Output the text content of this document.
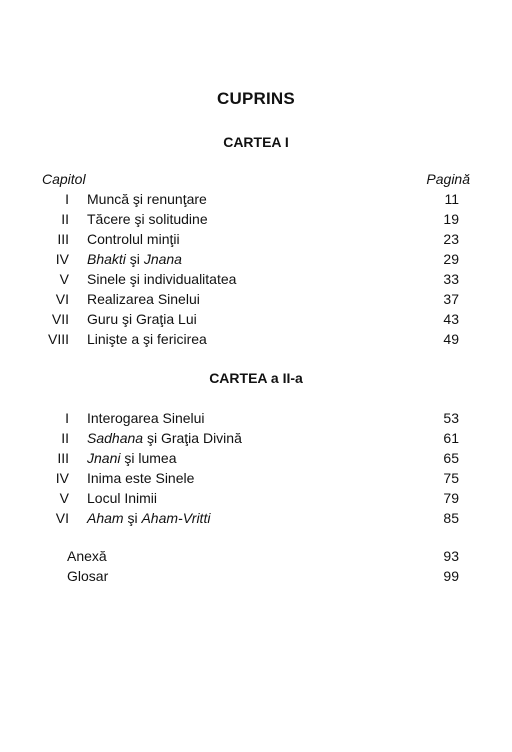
CUPRINS
CARTEA I
Capitol	Pagină
I Muncă şi renunţare	11
II Tăcere şi solitudine	19
III Controlul minţii	23
IV Bhakti şi Jnana	29
V Sinele şi individualitatea	33
VI Realizarea Sinelui	37
VII Guru şi Graţia Lui	43
VIII Linişte a şi fericirea	49
CARTEA a II-a
I Interogarea Sinelui	53
II Sadhana şi Graţia Divină	61
III Jnani şi lumea	65
IV Inima este Sinele	75
V Locul Inimii	79
VI Aham şi Aham-Vritti	85
Anexă	93
Glosar	99
